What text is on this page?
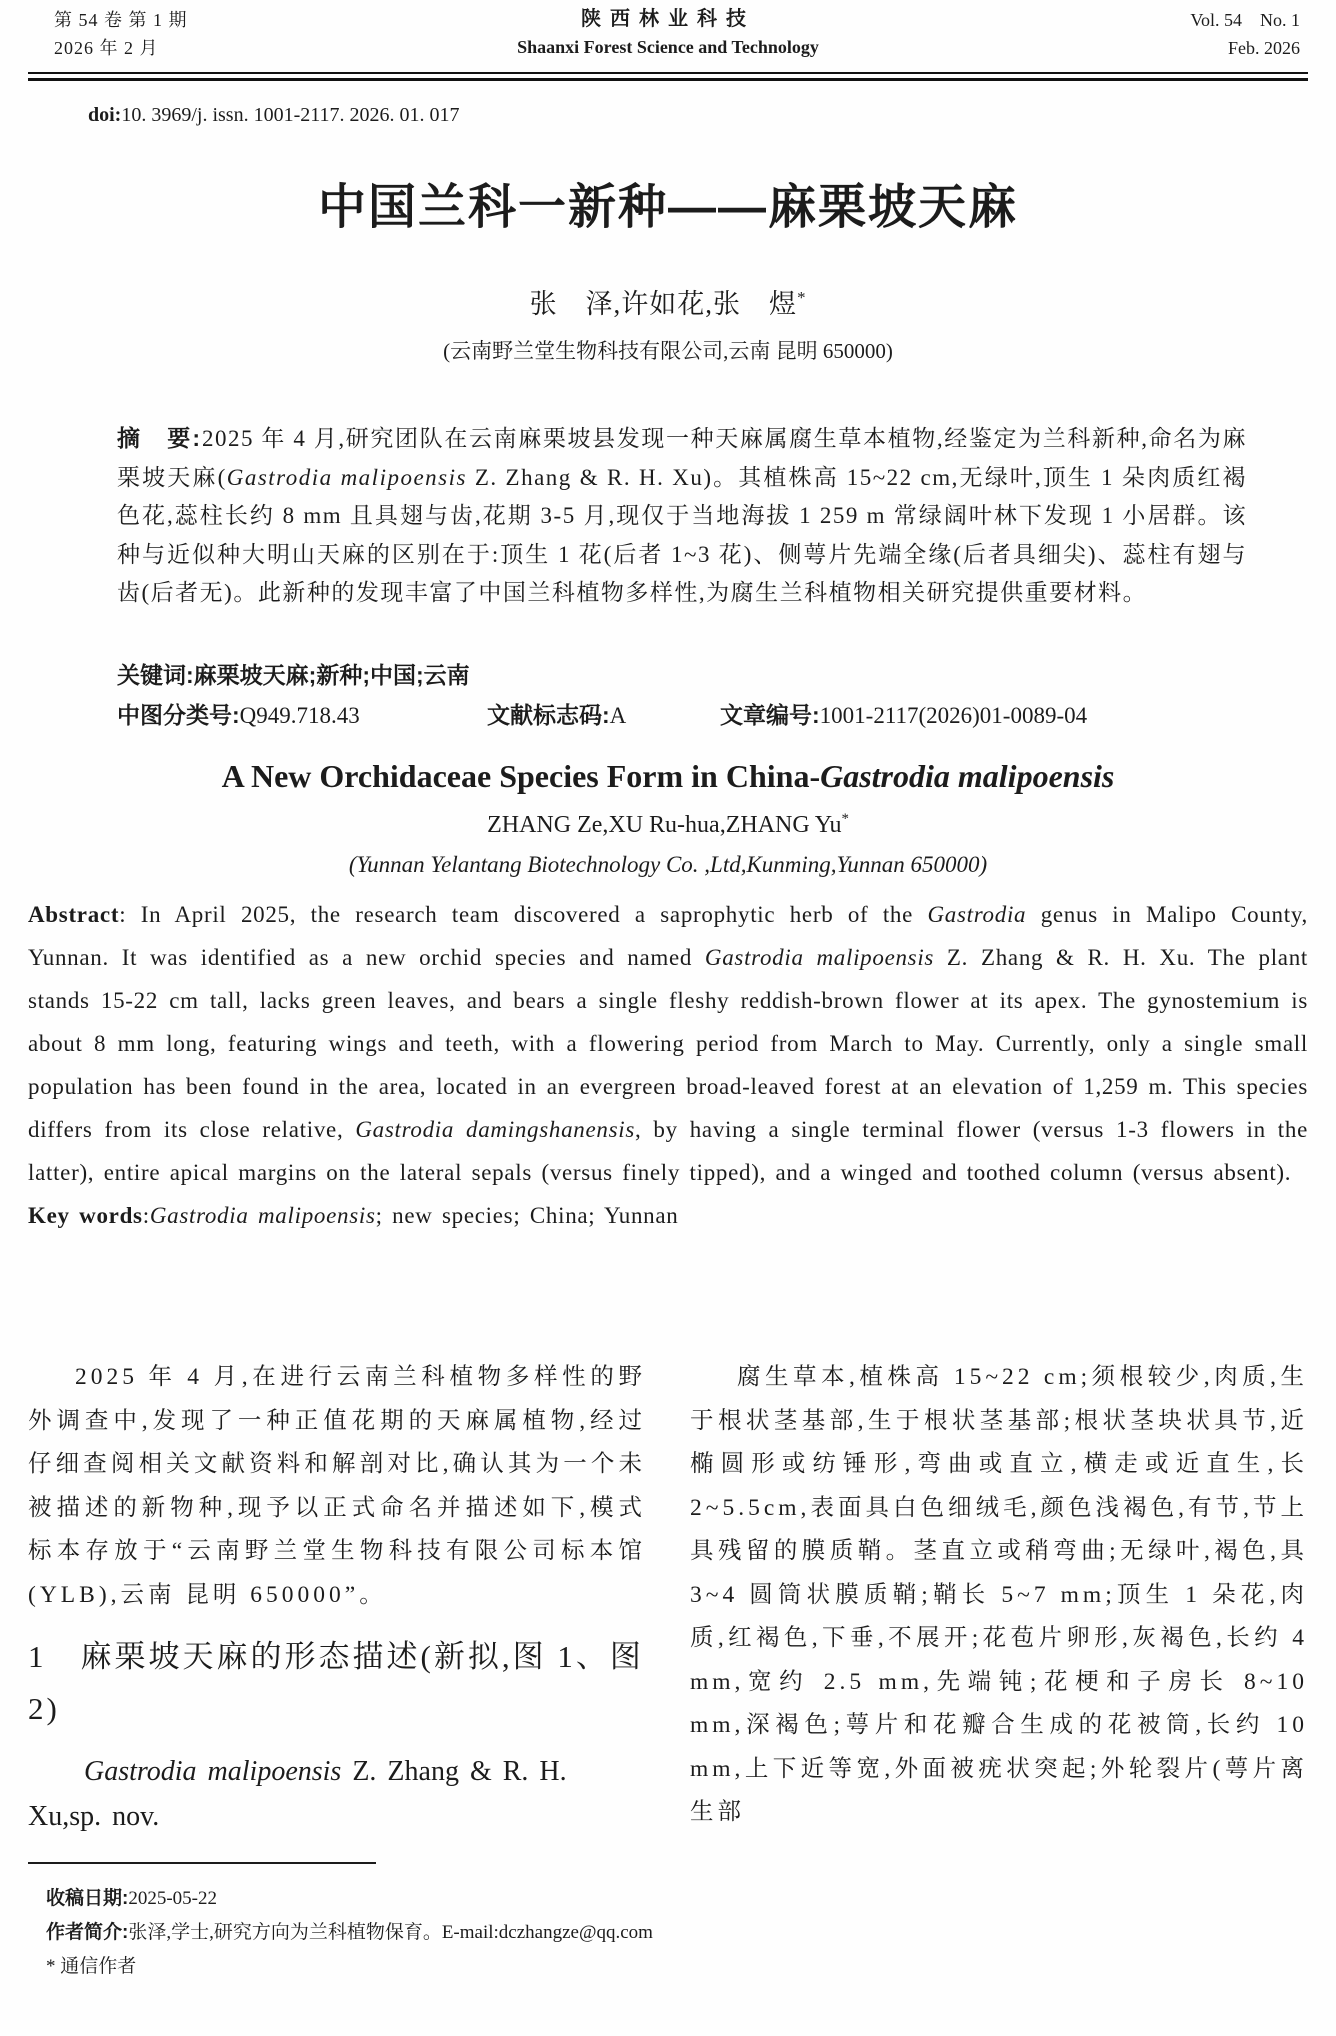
第 54 卷 第 1 期
2026 年 2 月
陕西林业科技
Shaanxi Forest Science and Technology
Vol. 54　No. 1
Feb. 2026
doi:10. 3969/j. issn. 1001-2117. 2026. 01. 017
中国兰科一新种——麻栗坡天麻
张　泽,许如花,张　煜*
(云南野兰堂生物科技有限公司,云南 昆明 650000)

摘　要:2025 年 4 月,研究团队在云南麻栗坡县发现一种天麻属腐生草本植物,经鉴定为兰科新种,命名为麻栗坡天麻(Gastrodia malipoensis Z. Zhang & R. H. Xu)。其植株高 15~22 cm,无绿叶,顶生 1 朵肉质红褐色花,蕊柱长约 8 mm 且具翅与齿,花期 3-5 月,现仅于当地海拔 1 259 m 常绿阔叶林下发现 1 小居群。该种与近似种大明山天麻的区别在于:顶生 1 花(后者 1~3 花)、侧萼片先端全缘(后者具细尖)、蕊柱有翅与齿(后者无)。此新种的发现丰富了中国兰科植物多样性,为腐生兰科植物相关研究提供重要材料。

关键词:麻栗坡天麻;新种;中国;云南
中图分类号:Q949.718.43	文献标志码:A	文章编号:1001-2117(2026)01-0089-04
A New Orchidaceae Species Form in China-Gastrodia malipoensis
ZHANG Ze,XU Ru-hua,ZHANG Yu*
(Yunnan Yelantang Biotechnology Co. ,Ltd,Kunming,Yunnan 650000)

Abstract: In April 2025, the research team discovered a saprophytic herb of the Gastrodia genus in Malipo County, Yunnan. It was identified as a new orchid species and named Gastrodia malipoensis Z. Zhang & R. H. Xu. The plant stands 15-22 cm tall, lacks green leaves, and bears a single fleshy reddish-brown flower at its apex. The gynostemium is about 8 mm long, featuring wings and teeth, with a flowering period from March to May. Currently, only a single small population has been found in the area, located in an evergreen broad-leaved forest at an elevation of 1,259 m. This species differs from its close relative, Gastrodia damingshanensis, by having a single terminal flower (versus 1-3 flowers in the latter), entire apical margins on the lateral sepals (versus finely tipped), and a winged and toothed column (versus absent).

Key words:Gastrodia malipoensis; new species; China; Yunnan

2025 年 4 月,在进行云南兰科植物多样性的野外调查中,发现了一种正值花期的天麻属植物,经过仔细查阅相关文献资料和解剖对比,确认其为一个未被描述的新物种,现予以正式命名并描述如下,模式标本存放于“云南野兰堂生物科技有限公司标本馆(YLB),云南 昆明 650000”。

1　麻栗坡天麻的形态描述(新拟,图 1、图 2)

Gastrodia malipoensis Z. Zhang & R. H. Xu,sp. nov.

腐生草本,植株高 15~22 cm;须根较少,肉质,生于根状茎基部,生于根状茎基部;根状茎块状具节,近椭圆形或纺锤形,弯曲或直立,横走或近直生,长 2~5.5cm,表面具白色细绒毛,颜色浅褐色,有节,节上具残留的膜质鞘。茎直立或稍弯曲;无绿叶,褐色,具 3~4 圆筒状膜质鞘;鞘长 5~7 mm;顶生 1 朵花,肉质,红褐色,下垂,不展开;花苞片卵形,灰褐色,长约 4 mm,宽约 2.5 mm,先端钝;花梗和子房长 8~10 mm,深褐色;萼片和花瓣合生成的花被筒,长约 10 mm,上下近等宽,外面被疣状突起;外轮裂片(萼片离生部

收稿日期:2025-05-22
作者简介:张泽,学士,研究方向为兰科植物保育。E-mail:dczhangze@qq.com
* 通信作者
